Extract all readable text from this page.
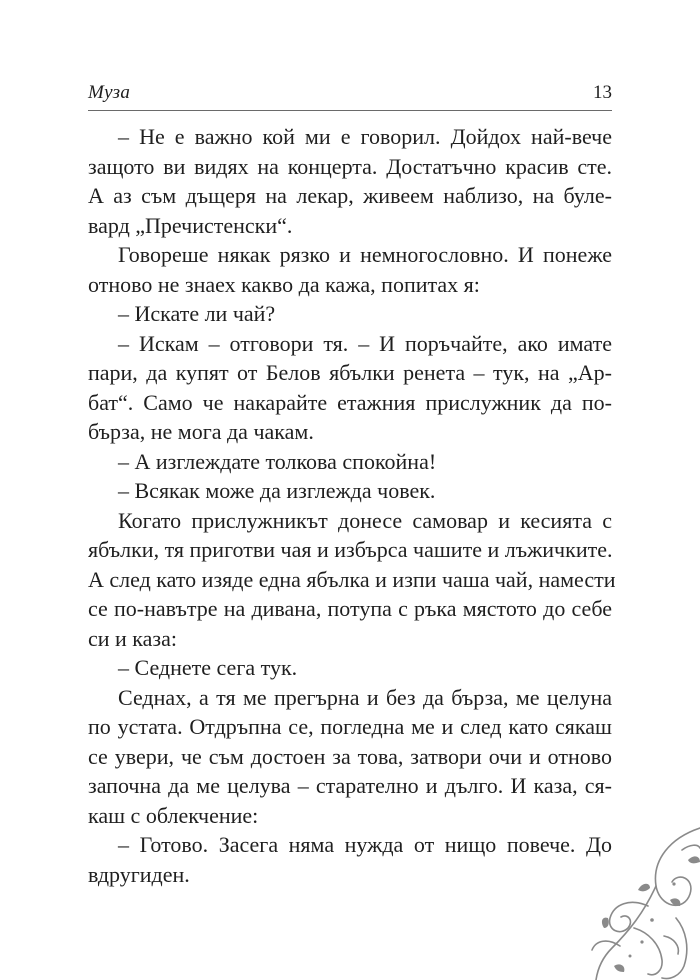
Муза	13
– Не е важно кой ми е говорил. Дойдох най-вече
защото ви видях на концерта. Достатъчно красив сте.
А аз съм дъщеря на лекар, живеем наблизо, на буле-
вард „Пречистенски“.
Говореше някак рязко и немногословно. И понеже
отново не знаех какво да кажа, попитах я:
– Искате ли чай?
– Искам – отговори тя. – И поръчайте, ако имате
пари, да купят от Белов ябълки ренета – тук, на „Ар-
бат“. Само че накарайте етажния прислужник да по-
бърза, не мога да чакам.
– А изглеждате толкова спокойна!
– Всякак може да изглежда човек.
Когато прислужникът донесе самовар и кесията с
ябълки, тя приготви чая и избърса чашите и лъжичките.
А след като изяде една ябълка и изпи чаша чай, намести
се по-навътре на дивана, потупа с ръка мястото до себе
си и каза:
– Седнете сега тук.
Седнах, а тя ме прегърна и без да бърза, ме целуна
по устата. Отдръпна се, погледна ме и след като сякаш
се увери, че съм достоен за това, затвори очи и отново
започна да ме целува – старателно и дълго. И каза, ся-
каш с облекчение:
– Готово. Засега няма нужда от нищо повече. До
вдругиден.
